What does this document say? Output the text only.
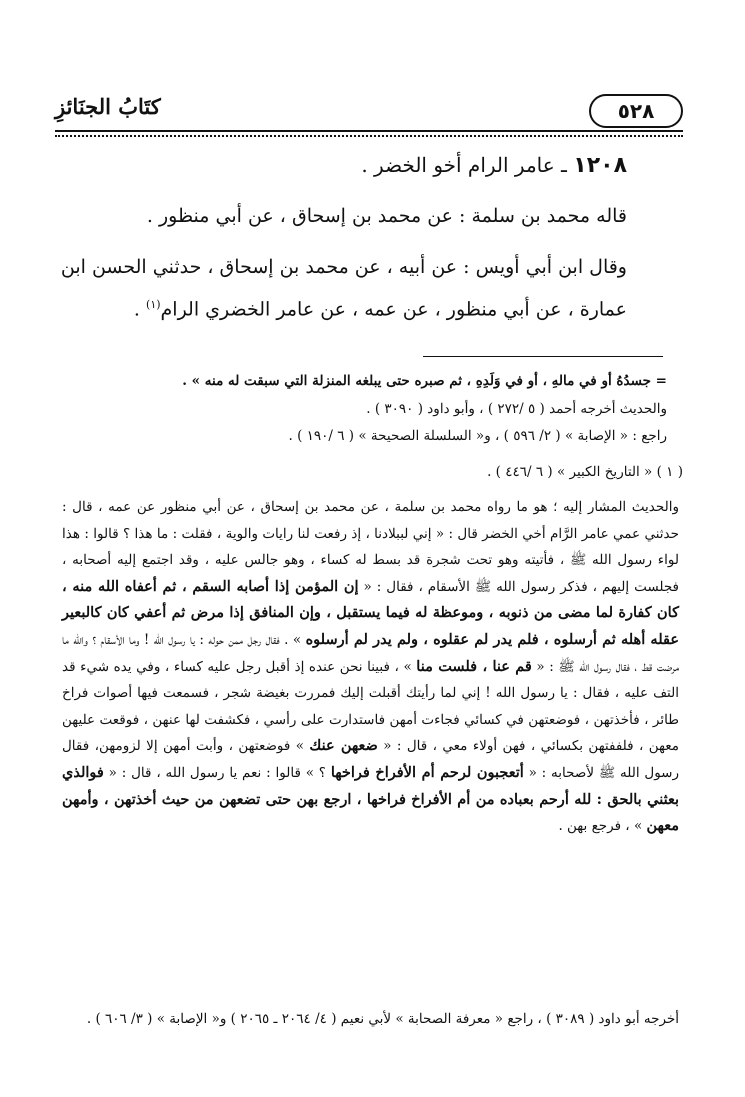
٥٢٨
كتَابُ الجنَائزِ
١٢٠٨ ـ عامر الرام أخو الخضر .
قاله محمد بن سلمة : عن محمد بن إسحاق ، عن أبي منظور .
وقال ابن أبي أويس : عن أبيه ، عن محمد بن إسحاق ، حدثني الحسن ابن عمارة ، عن أبي منظور ، عن عمه ، عن عامر الخضري الرام$^{(١)}$ .
= جسدُهُ أو في مالهِ ، أو في وَلَدِهِ ، ثم صبره حتى يبلغه المنزلة التي سبقت له منه » .
والحديث أخرجه أحمد ( ٥ /٢٧٢ ) ، وأبو داود ( ٣٠٩٠ ) .
راجع : « الإصابة » ( ٢/ ٥٩٦ ) ، و« السلسلة الصحيحة » ( ٦ /١٩٠ ) .
( ١ ) « التاريخ الكبير » ( ٦ /٤٤٦ ) .
والحديث المشار إليه ؛ هو ما رواه محمد بن سلمة ، عن محمد بن إسحاق ، عن أبي منظور عن عمه ، قال : حدثني عمي عامر الرَّام أخي الخضر قال : « إني لببلادنا ، إذ رفعت لنا رايات والوية ، فقلت : ما هذا ؟ قالوا : هذا لواء رسول الله ﷺ ، فأتيته وهو تحت شجرة قد بسط له كساء ، وهو جالس عليه ، وقد اجتمع إليه أصحابه ، فجلست إليهم ، فذكر رسول الله ﷺ الأسقام ، فقال : « إن المؤمن إذا أصابه السقم ، ثم أعفاه الله منه ، كان كفارة لما مضى من ذنوبه ، وموعظة له فيما يستقبل ، وإن المنافق إذا مرض ثم أعفي كان كالبعير عقله أهله ثم أرسلوه ، فلم يدر لم عقلوه ، ولم يدر لم أرسلوه » . فقال رجل ممن حوله : يا رسول الله ! وما الأسقام ؟ والله ما مرضت قط ، فقال رسول الله ﷺ : « قم عنا ، فلست منا » ، فبينا نحن عنده إذ أقبل رجل عليه كساء ، وفي يده شيء قد التف عليه ، فقال : يا رسول الله ! إني لما رأيتك أقبلت إليك فمررت بغيضة شجر ، فسمعت فيها أصوات فراخ طائر ، فأخذتهن ، فوضعتهن في كسائي فجاءت أمهن فاستدارت على رأسي ، فكشفت لها عنهن ، فوقعت عليهن معهن ، فلففتهن بكسائي ، فهن أولاء معي ، قال : « ضعهن عنك » فوضعتهن ، وأبت أمهن إلا لزومهن، فقال رسول الله ﷺ لأصحابه : « أتعجبون لرحم أم الأفراخ فراخها ؟ » قالوا : نعم يا رسول الله ، قال : « فوالذي بعثني بالحق : لله أرحم بعباده من أم الأفراخ فراخها ، ارجع بهن حتى تضعهن من حيث أخذتهن ، وأمهن معهن » ، فرجع بهن .
أخرجه أبو داود ( ٣٠٨٩ ) ، راجع « معرفة الصحابة » لأبي نعيم ( ٤/ ٢٠٦٤ ـ ٢٠٦٥ ) و« الإصابة » ( ٣/ ٦٠٦ ) .
